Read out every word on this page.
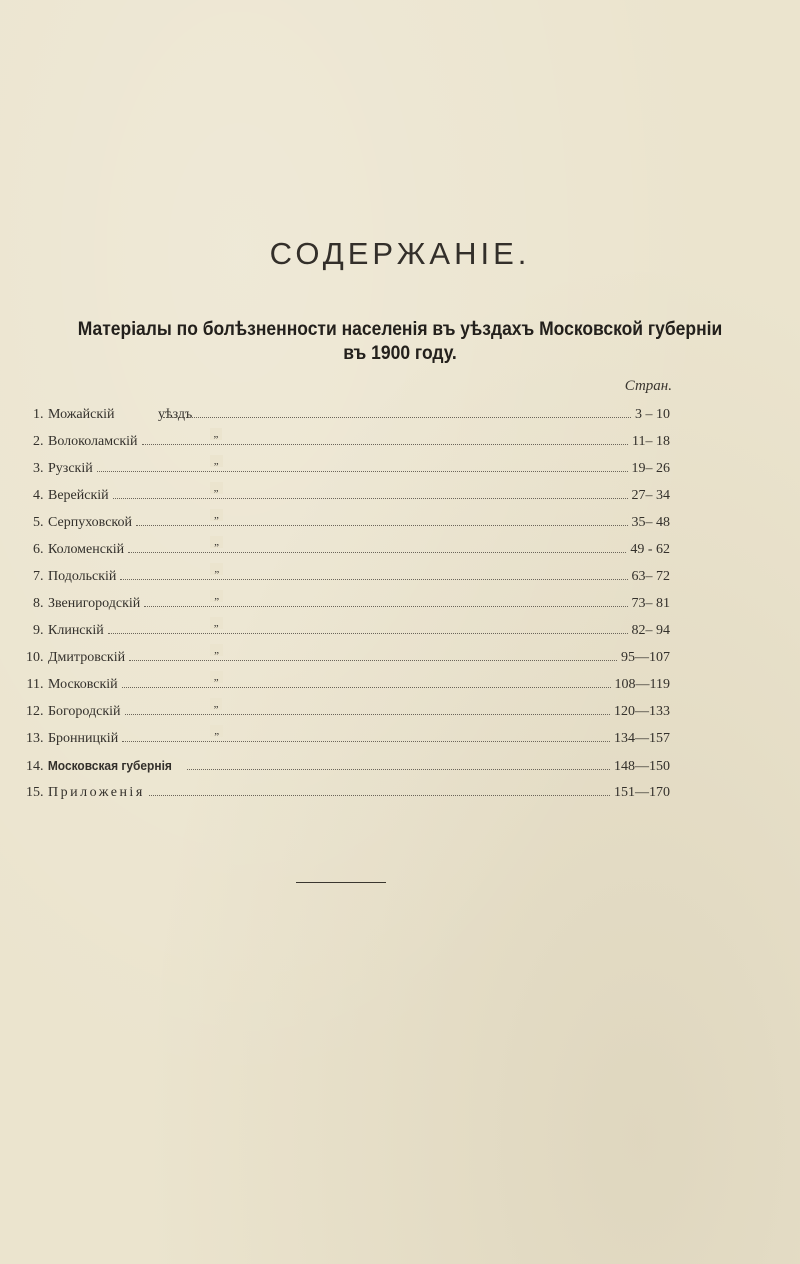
СОДЕРЖАНІЕ.
Матеріалы по болѣзненности населенія въ уѣздахъ Московской губерніи
въ 1900 году.
Стран.
1 . Можайскій	уѣздъ	3 – 10
2 . Волоколамскій	„	11– 18
3 . Рузскій	„	19– 26
4 . Верейскій	„	27– 34
5 . Серпуховской	„	35– 48
6 . Коломенскій	„	49 - 62
7 . Подольскій	„	63– 72
8 . Звенигородскій	„	73– 81
9 . Клинскій	„	82– 94
10 . Дмитровскій	„	95—107
11 . Московскій	„	108—119
12 . Богородскій	„	120—133
13 . Бронницкій	„	134—157
14 . Московская губернія	148—150
15 . Приложенія	151—170
